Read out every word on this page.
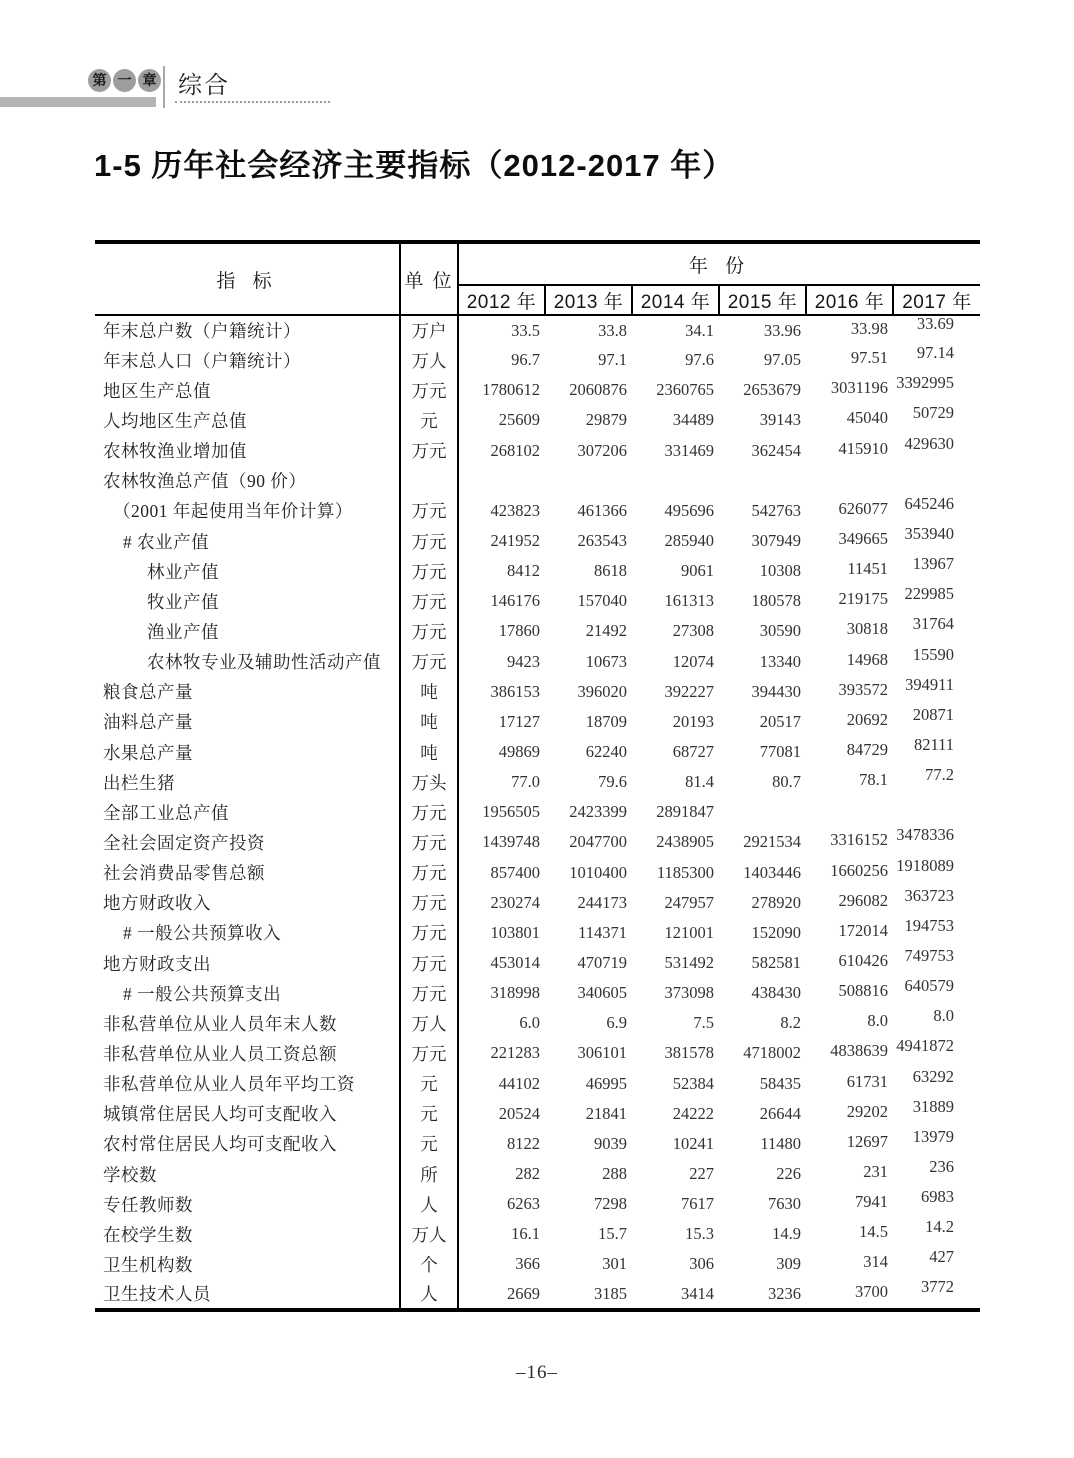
第 一 章 综合
1-5 历年社会经济主要指标（2012-2017 年）
指 标	单 位	年 份					
		2012 年	2013 年	2014 年	2015 年	2016 年	2017 年
年末总户数（户籍统计）	万户	33.5	33.8	34.1	33.96	33.98	33.69
年末总人口（户籍统计）	万人	96.7	97.1	97.6	97.05	97.51	97.14
地区生产总值	万元	1780612	2060876	2360765	2653679	3031196	3392995
人均地区生产总值	元	25609	29879	34489	39143	45040	50729
农林牧渔业增加值	万元	268102	307206	331469	362454	415910	429630
农林牧渔总产值（90 价）							
（2001 年起使用当年价计算）	万元	423823	461366	495696	542763	626077	645246
# 农业产值	万元	241952	263543	285940	307949	349665	353940
林业产值	万元	8412	8618	9061	10308	11451	13967
牧业产值	万元	146176	157040	161313	180578	219175	229985
渔业产值	万元	17860	21492	27308	30590	30818	31764
农林牧专业及辅助性活动产值	万元	9423	10673	12074	13340	14968	15590
粮食总产量	吨	386153	396020	392227	394430	393572	394911
油料总产量	吨	17127	18709	20193	20517	20692	20871
水果总产量	吨	49869	62240	68727	77081	84729	82111
出栏生猪	万头	77.0	79.6	81.4	80.7	78.1	77.2
全部工业总产值	万元	1956505	2423399	2891847			
全社会固定资产投资	万元	1439748	2047700	2438905	2921534	3316152	3478336
社会消费品零售总额	万元	857400	1010400	1185300	1403446	1660256	1918089
地方财政收入	万元	230274	244173	247957	278920	296082	363723
# 一般公共预算收入	万元	103801	114371	121001	152090	172014	194753
地方财政支出	万元	453014	470719	531492	582581	610426	749753
# 一般公共预算支出	万元	318998	340605	373098	438430	508816	640579
非私营单位从业人员年末人数	万人	6.0	6.9	7.5	8.2	8.0	8.0
非私营单位从业人员工资总额	万元	221283	306101	381578	4718002	4838639	4941872
非私营单位从业人员年平均工资	元	44102	46995	52384	58435	61731	63292
城镇常住居民人均可支配收入	元	20524	21841	24222	26644	29202	31889
农村常住居民人均可支配收入	元	8122	9039	10241	11480	12697	13979
学校数	所	282	288	227	226	231	236
专任教师数	人	6263	7298	7617	7630	7941	6983
在校学生数	万人	16.1	15.7	15.3	14.9	14.5	14.2
卫生机构数	个	366	301	306	309	314	427
卫生技术人员	人	2669	3185	3414	3236	3700	3772
–16–
